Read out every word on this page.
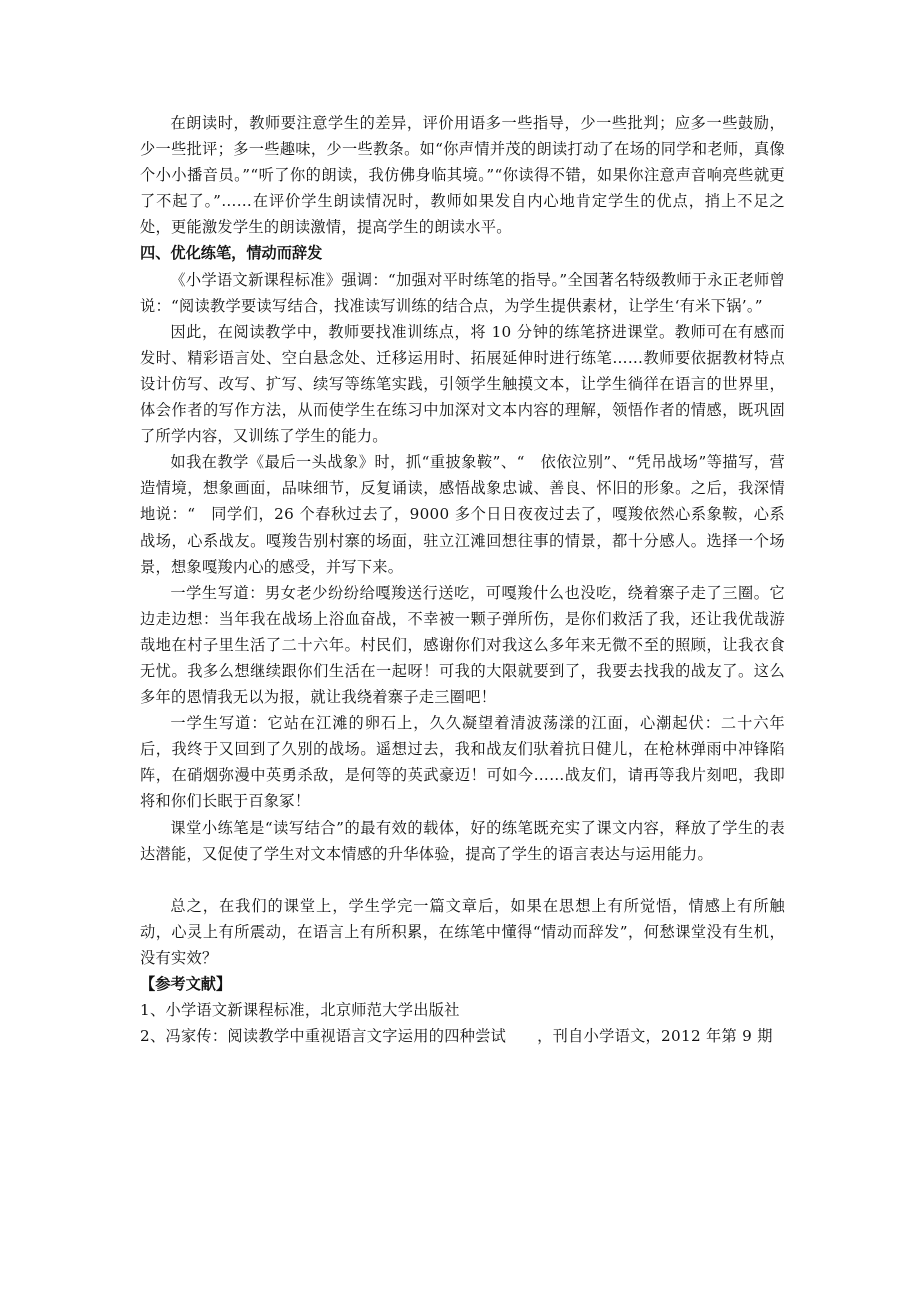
在朗读时，教师要注意学生的差异，评价用语多一些指导，少一些批判；应多一些鼓励，少一些批评；多一些趣味，少一些教条。如“你声情并茂的朗读打动了在场的同学和老师，真像个小小播音员。”“听了你的朗读，我仿佛身临其境。”“你读得不错，如果你注意声音响亮些就更了不起了。”……在评价学生朗读情况时，教师如果发自内心地肯定学生的优点，捎上不足之处，更能激发学生的朗读激情，提高学生的朗读水平。

四、优化练笔，情动而辞发

《小学语文新课程标准》强调：“加强对平时练笔的指导。”全国著名特级教师于永正老师曾说：“阅读教学要读写结合，找准读写训练的结合点，为学生提供素材，让学生‘有米下锅’。”

因此，在阅读教学中，教师要找准训练点，将 10 分钟的练笔挤进课堂。教师可在有感而发时、精彩语言处、空白悬念处、迁移运用时、拓展延伸时进行练笔……教师要依据教材特点设计仿写、改写、扩写、续写等练笔实践，引领学生触摸文本，让学生徜徉在语言的世界里，体会作者的写作方法，从而使学生在练习中加深对文本内容的理解，领悟作者的情感，既巩固了所学内容，又训练了学生的能力。

如我在教学《最后一头战象》时，抓“重披象鞍”、“　依依泣别”、“凭吊战场”等描写，营造情境，想象画面，品味细节，反复诵读，感悟战象忠诚、善良、怀旧的形象。之后，我深情地说：“　同学们，26 个春秋过去了，9000 多个日日夜夜过去了，嘎羧依然心系象鞍，心系战场，心系战友。嘎羧告别村寨的场面，驻立江滩回想往事的情景，都十分感人。选择一个场景，想象嘎羧内心的感受，并写下来。

一学生写道：男女老少纷纷给嘎羧送行送吃，可嘎羧什么也没吃，绕着寨子走了三圈。它边走边想：当年我在战场上浴血奋战，不幸被一颗子弹所伤，是你们救活了我，还让我优哉游哉地在村子里生活了二十六年。村民们，感谢你们对我这么多年来无微不至的照顾，让我衣食无忧。我多么想继续跟你们生活在一起呀！可我的大限就要到了，我要去找我的战友了。这么多年的恩情我无以为报，就让我绕着寨子走三圈吧！

一学生写道：它站在江滩的卵石上，久久凝望着清波荡漾的江面，心潮起伏：二十六年后，我终于又回到了久别的战场。遥想过去，我和战友们驮着抗日健儿，在枪林弹雨中冲锋陷阵，在硝烟弥漫中英勇杀敌，是何等的英武豪迈！可如今……战友们，请再等我片刻吧，我即将和你们长眠于百象冢！

课堂小练笔是“读写结合”的最有效的载体，好的练笔既充实了课文内容，释放了学生的表达潜能，又促使了学生对文本情感的升华体验，提高了学生的语言表达与运用能力。

总之，在我们的课堂上，学生学完一篇文章后，如果在思想上有所觉悟，情感上有所触动，心灵上有所震动，在语言上有所积累，在练笔中懂得“情动而辞发”，何愁课堂没有生机，没有实效？

【参考文献】

1、小学语文新课程标准，北京师范大学出版社

2、冯家传：阅读教学中重视语言文字运用的四种尝试　　，刊自小学语文，2012 年第 9 期
